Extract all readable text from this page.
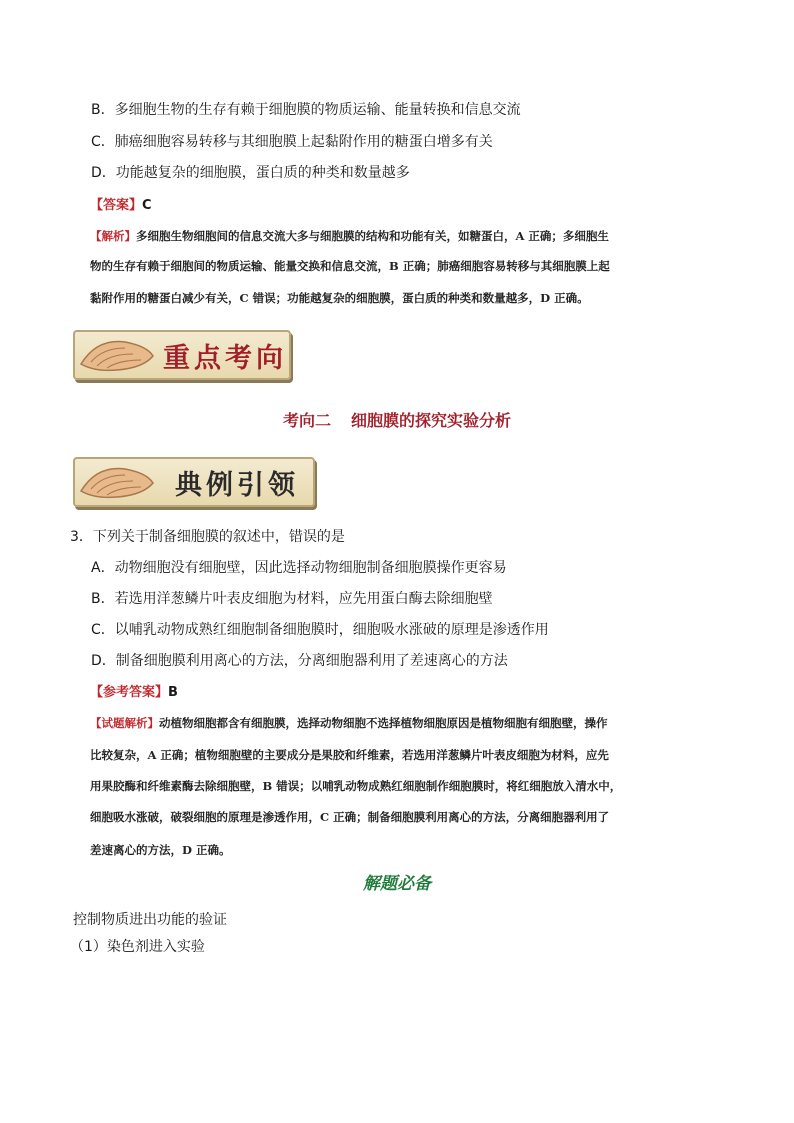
B．多细胞生物的生存有赖于细胞膜的物质运输、能量转换和信息交流
C．肺癌细胞容易转移与其细胞膜上起黏附作用的糖蛋白增多有关
D．功能越复杂的细胞膜，蛋白质的种类和数量越多
【答案】C
【解析】多细胞生物细胞间的信息交流大多与细胞膜的结构和功能有关，如糖蛋白，A 正确；多细胞生
物的生存有赖于细胞间的物质运输、能量交换和信息交流，B 正确；肺癌细胞容易转移与其细胞膜上起
黏附作用的糖蛋白减少有关，C 错误；功能越复杂的细胞膜，蛋白质的种类和数量越多，D 正确。
重点考向
考向二 细胞膜的探究实验分析
典例引领
3．下列关于制备细胞膜的叙述中，错误的是
A．动物细胞没有细胞壁，因此选择动物细胞制备细胞膜操作更容易
B．若选用洋葱鳞片叶表皮细胞为材料，应先用蛋白酶去除细胞壁
C．以哺乳动物成熟红细胞制备细胞膜时，细胞吸水涨破的原理是渗透作用
D．制备细胞膜利用离心的方法，分离细胞器利用了差速离心的方法
【参考答案】B
【试题解析】动植物细胞都含有细胞膜，选择动物细胞不选择植物细胞原因是植物细胞有细胞壁，操作
比较复杂，A 正确；植物细胞壁的主要成分是果胶和纤维素，若选用洋葱鳞片叶表皮细胞为材料，应先
用果胶酶和纤维素酶去除细胞壁，B 错误；以哺乳动物成熟红细胞制作细胞膜时，将红细胞放入清水中，
细胞吸水涨破，破裂细胞的原理是渗透作用，C 正确；制备细胞膜利用离心的方法，分离细胞器利用了
差速离心的方法，D 正确。
解题必备
控制物质进出功能的验证
（1）染色剂进入实验
